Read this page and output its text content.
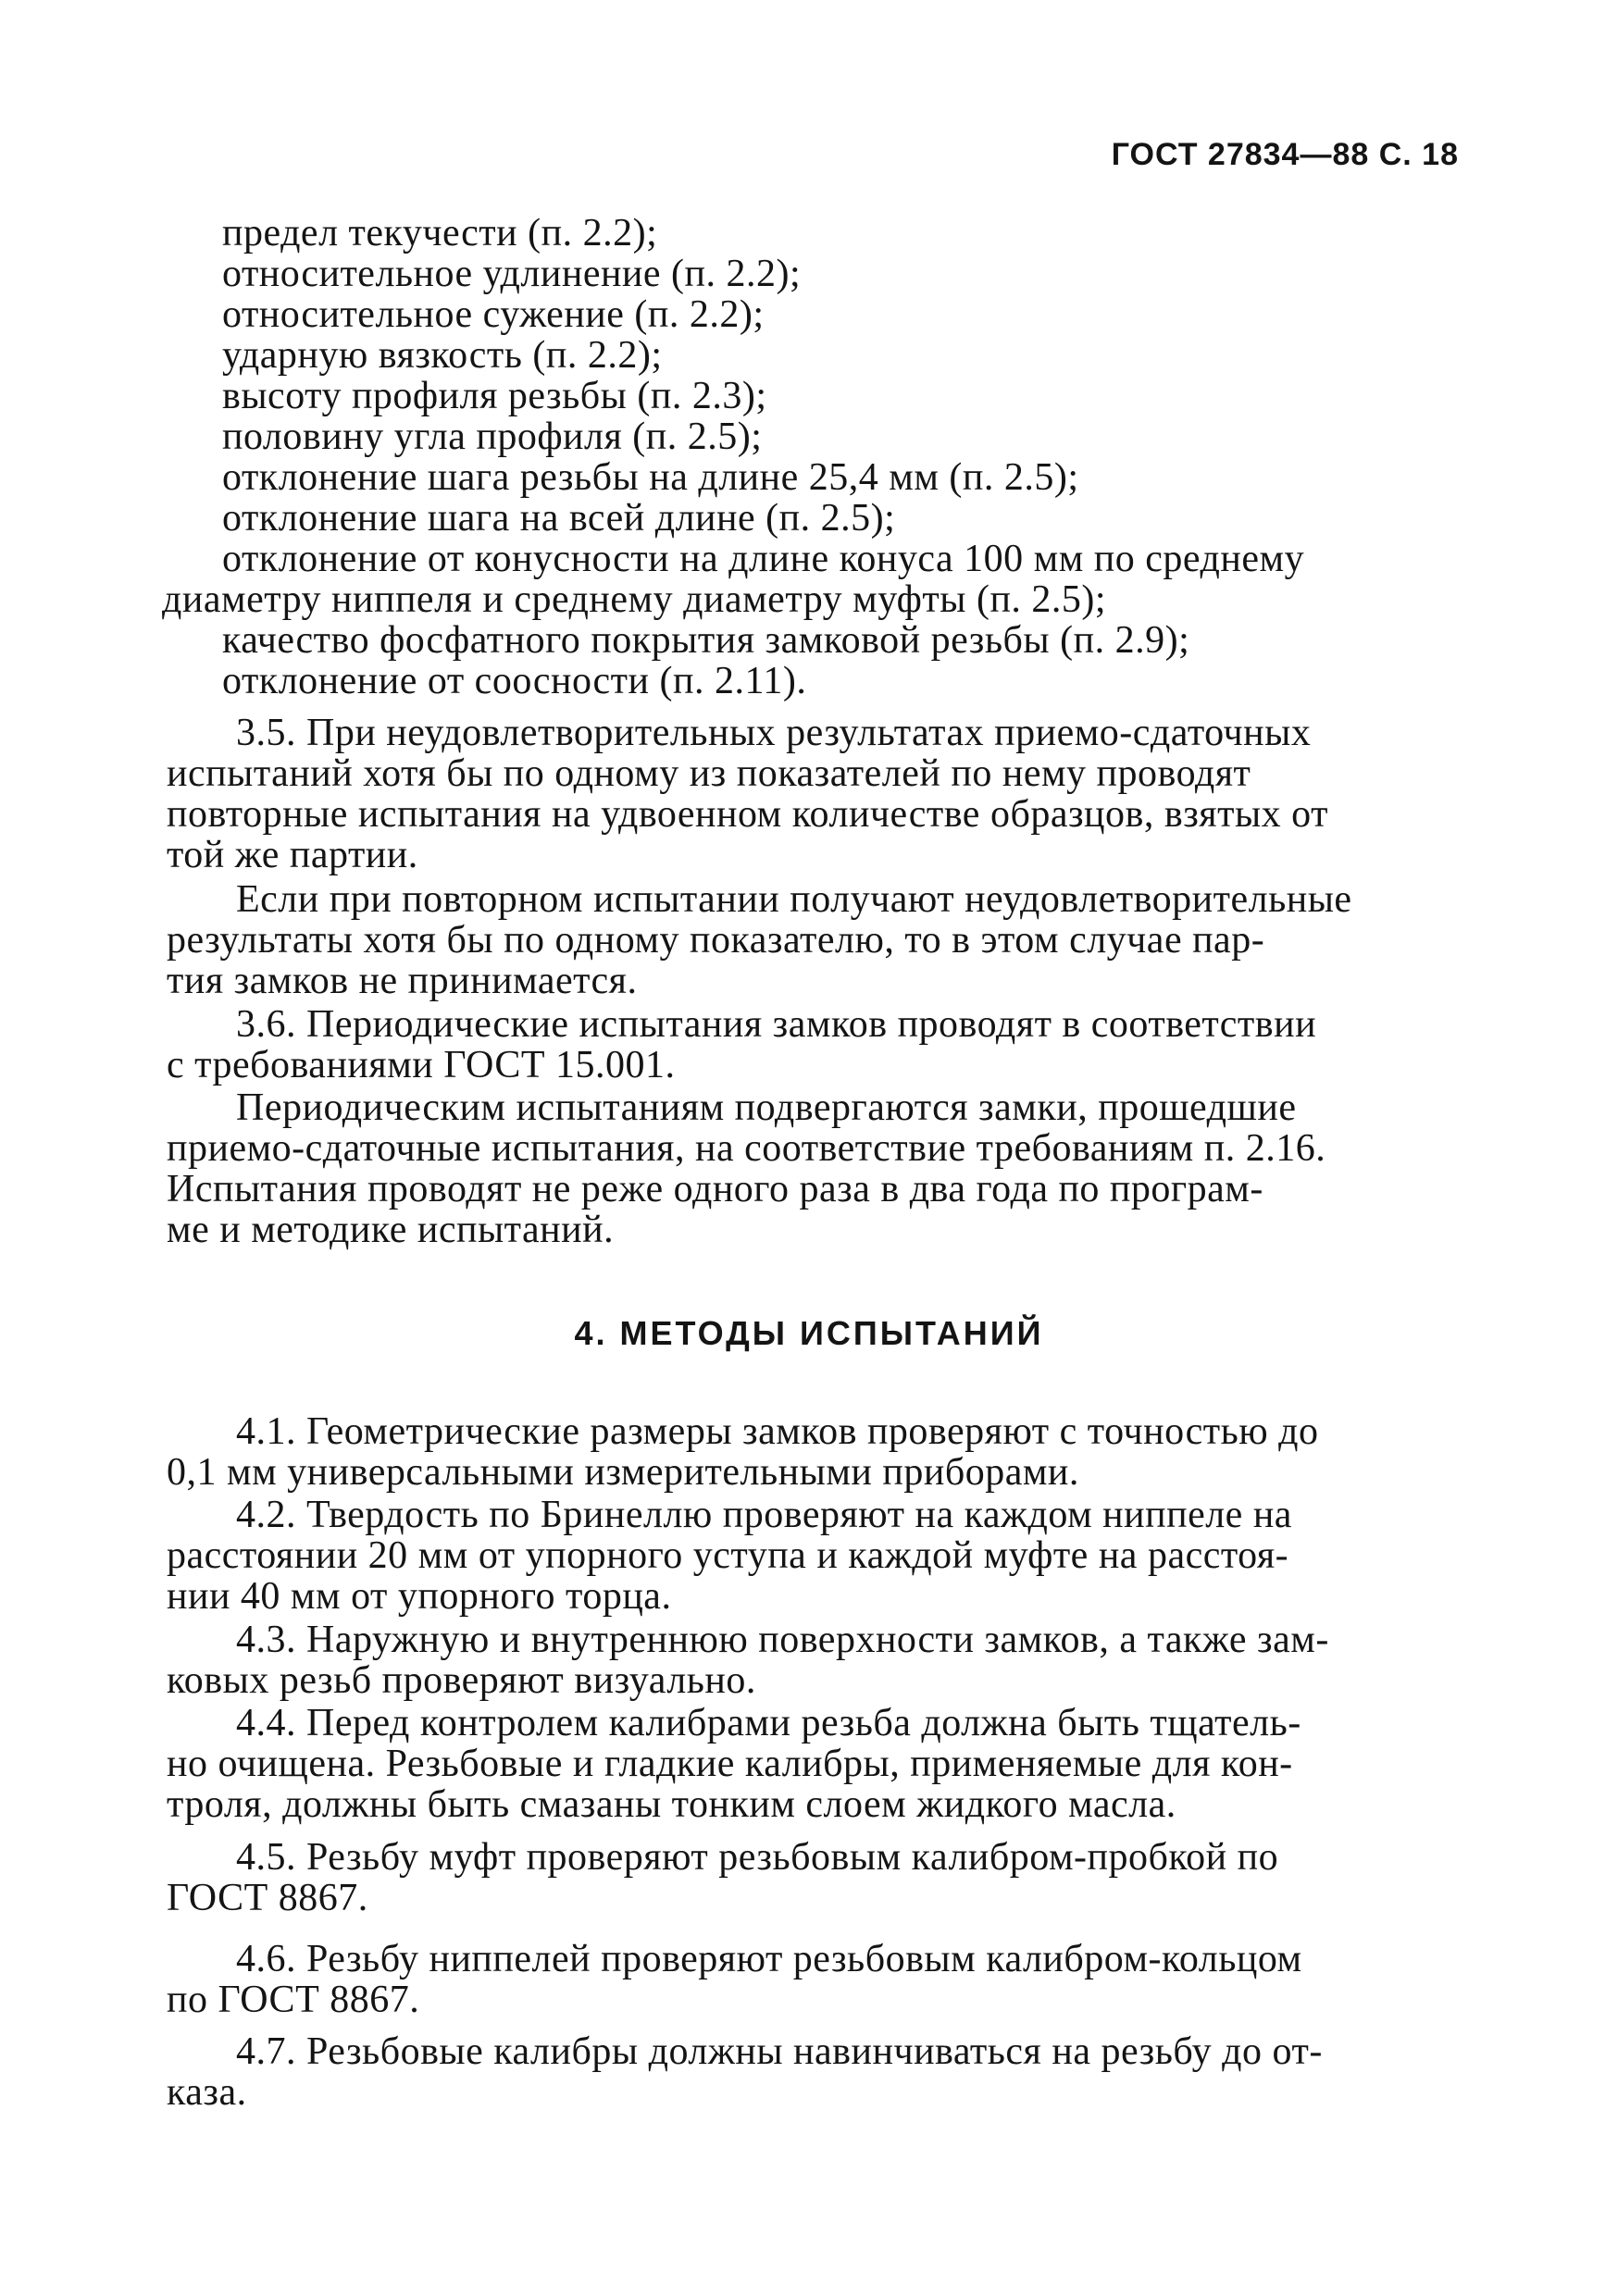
ГОСТ 27834—88 С. 18
предел текучести (п. 2.2);
относительное удлинение (п. 2.2);
относительное сужение (п. 2.2);
ударную вязкость (п. 2.2);
высоту профиля резьбы (п. 2.3);
половину угла профиля (п. 2.5);
отклонение шага резьбы на длине 25,4 мм (п. 2.5);
отклонение шага на всей длине (п. 2.5);
отклонение от конусности на длине конуса 100 мм по среднему
диаметру ниппеля и среднему диаметру муфты (п. 2.5);
качество фосфатного покрытия замковой резьбы (п. 2.9);
отклонение от соосности (п. 2.11).
3.5. При неудовлетворительных результатах приемо-сдаточных
испытаний хотя бы по одному из показателей по нему проводят
повторные испытания на удвоенном количестве образцов, взятых от
той же партии.
Если при повторном испытании получают неудовлетворительные
результаты хотя бы по одному показателю, то в этом случае пар-
тия замков не принимается.
3.6. Периодические испытания замков проводят в соответствии
с требованиями ГОСТ 15.001.
Периодическим испытаниям подвергаются замки, прошедшие
приемо-сдаточные испытания, на соответствие требованиям п. 2.16.
Испытания проводят не реже одного раза в два года по програм-
ме и методике испытаний.
4. МЕТОДЫ ИСПЫТАНИЙ
4.1. Геометрические размеры замков проверяют с точностью до
0,1 мм универсальными измерительными приборами.
4.2. Твердость по Бринеллю проверяют на каждом ниппеле на
расстоянии 20 мм от упорного уступа и каждой муфте на расстоя-
нии 40 мм от упорного торца.
4.3. Наружную и внутреннюю поверхности замков, а также зам-
ковых резьб проверяют визуально.
4.4. Перед контролем калибрами резьба должна быть тщатель-
но очищена. Резьбовые и гладкие калибры, применяемые для кон-
троля, должны быть смазаны тонким слоем жидкого масла.
4.5. Резьбу муфт проверяют резьбовым калибром-пробкой по
ГОСТ 8867.
4.6. Резьбу ниппелей проверяют резьбовым калибром-кольцом
по ГОСТ 8867.
4.7. Резьбовые калибры должны навинчиваться на резьбу до от-
каза.
